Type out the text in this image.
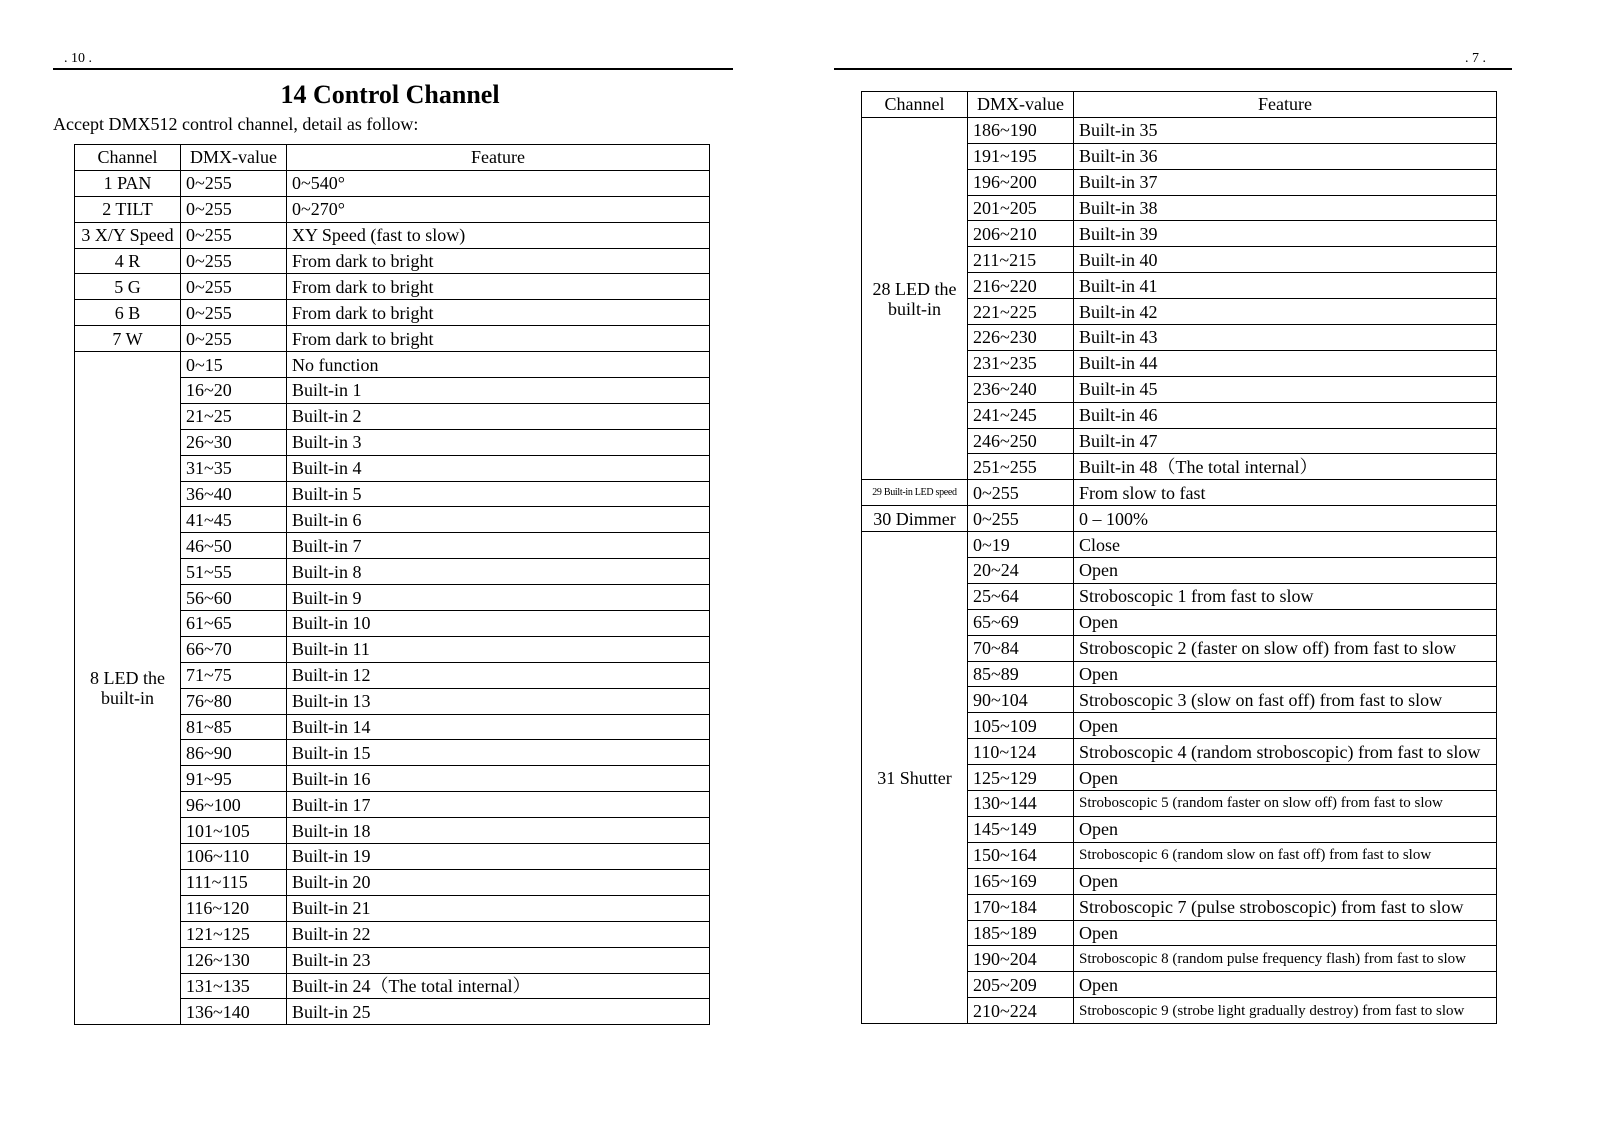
. 10 .
14 Control Channel
Accept DMX512 control channel, detail as follow:
Channel	DMX-value	Feature
1 PAN	0~255	0~540°
2 TILT	0~255	0~270°
3 X/Y Speed	0~255	XY Speed (fast to slow)
4 R	0~255	From dark to bright
5 G	0~255	From dark to bright
6 B	0~255	From dark to bright
7 W	0~255	From dark to bright
8 LED the built-in	0~15	No function
	16~20	Built-in 1
	21~25	Built-in 2
	26~30	Built-in 3
	31~35	Built-in 4
	36~40	Built-in 5
	41~45	Built-in 6
	46~50	Built-in 7
	51~55	Built-in 8
	56~60	Built-in 9
	61~65	Built-in 10
	66~70	Built-in 11
	71~75	Built-in 12
	76~80	Built-in 13
	81~85	Built-in 14
	86~90	Built-in 15
	91~95	Built-in 16
	96~100	Built-in 17
	101~105	Built-in 18
	106~110	Built-in 19
	111~115	Built-in 20
	116~120	Built-in 21
	121~125	Built-in 22
	126~130	Built-in 23
	131~135	Built-in 24（The total internal）
	136~140	Built-in 25
. 7 .
Channel	DMX-value	Feature
28 LED the built-in	186~190	Built-in 35
	191~195	Built-in 36
	196~200	Built-in 37
	201~205	Built-in 38
	206~210	Built-in 39
	211~215	Built-in 40
	216~220	Built-in 41
	221~225	Built-in 42
	226~230	Built-in 43
	231~235	Built-in 44
	236~240	Built-in 45
	241~245	Built-in 46
	246~250	Built-in 47
	251~255	Built-in 48（The total internal）
29 Built-in LED speed	0~255	From slow to fast
30 Dimmer	0~255	0 – 100%
31 Shutter	0~19	Close
	20~24	Open
	25~64	Stroboscopic 1 from fast to slow
	65~69	Open
	70~84	Stroboscopic 2 (faster on slow off) from fast to slow
	85~89	Open
	90~104	Stroboscopic 3 (slow on fast off) from fast to slow
	105~109	Open
	110~124	Stroboscopic 4 (random stroboscopic) from fast to slow
	125~129	Open
	130~144	Stroboscopic 5 (random faster on slow off) from fast to slow
	145~149	Open
	150~164	Stroboscopic 6 (random slow on fast off) from fast to slow
	165~169	Open
	170~184	Stroboscopic 7 (pulse stroboscopic) from fast to slow
	185~189	Open
	190~204	Stroboscopic 8 (random pulse frequency flash) from fast to slow
	205~209	Open
	210~224	Stroboscopic 9 (strobe light gradually destroy) from fast to slow
